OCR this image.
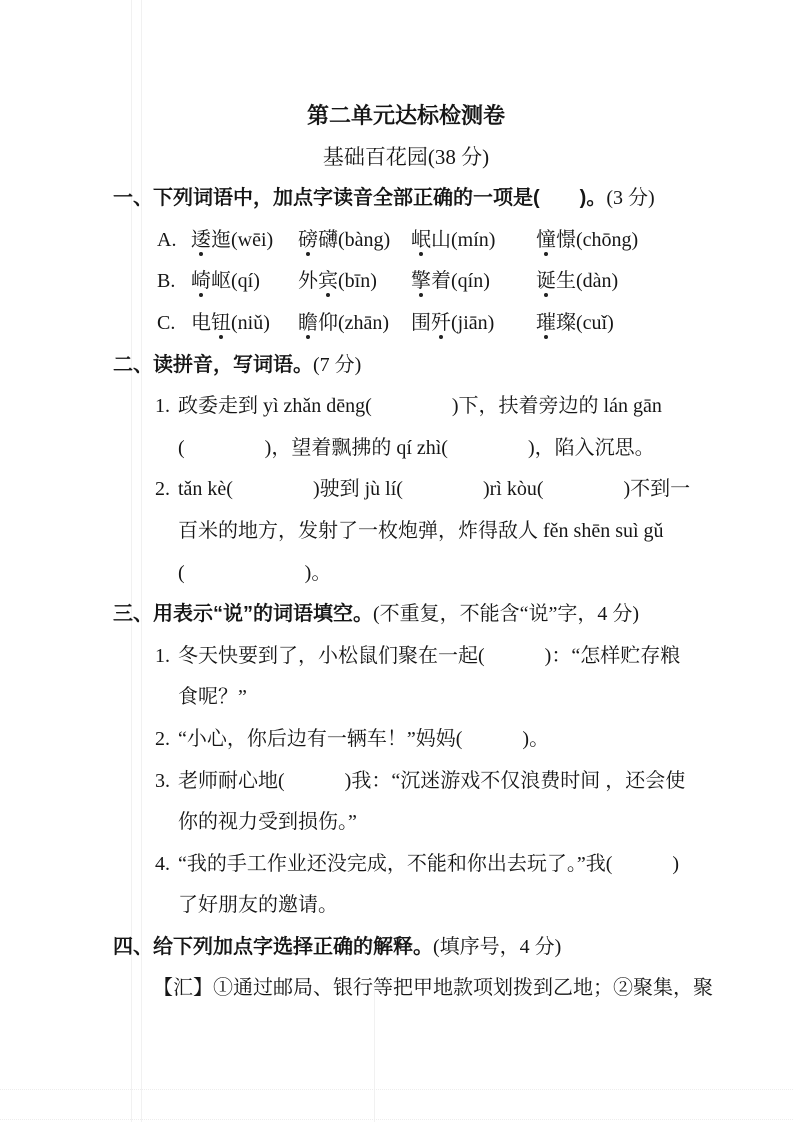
第二单元达标检测卷
基础百花园(38 分)
一、下列词语中，加点字读音全部正确的一项是(　　)。(3 分)
A. 逶迤(wēi)	磅礴(bàng)	岷山(mín)	憧憬(chōng)
B. 崎岖(qí)	外宾(bīn)	擎着(qín)	诞生(dàn)
C. 电钮(niǔ)	瞻仰(zhān)	围歼(jiān)	璀璨(cuǐ)
二、读拼音，写词语。(7 分)
1. 政委走到 yì zhǎn dēng(　　　　)下，扶着旁边的 lán gān
(　　　　)，望着飘拂的 qí zhì(　　　　)，陷入沉思。
2. tǎn kè(　　　　)驶到 jù lí(　　　　)rì kòu(　　　　)不到一
百米的地方，发射了一枚炮弹，炸得敌人 fěn shēn suì gǔ
(　　　　　　)。
三、用表示“说”的词语填空。(不重复，不能含“说”字，4 分)
1. 冬天快要到了，小松鼠们聚在一起(　　　)：“怎样贮存粮
食呢？”
2. “小心，你后边有一辆车！”妈妈(　　　)。
3. 老师耐心地(　　　)我：“沉迷游戏不仅浪费时间 ，还会使
你的视力受到损伤。”
4. “我的手工作业还没完成，不能和你出去玩了。”我(　　　)
了好朋友的邀请。
四、给下列加点字选择正确的解释。(填序号，4 分)
【汇】①通过邮局、银行等把甲地款项划拨到乙地；②聚集，聚
